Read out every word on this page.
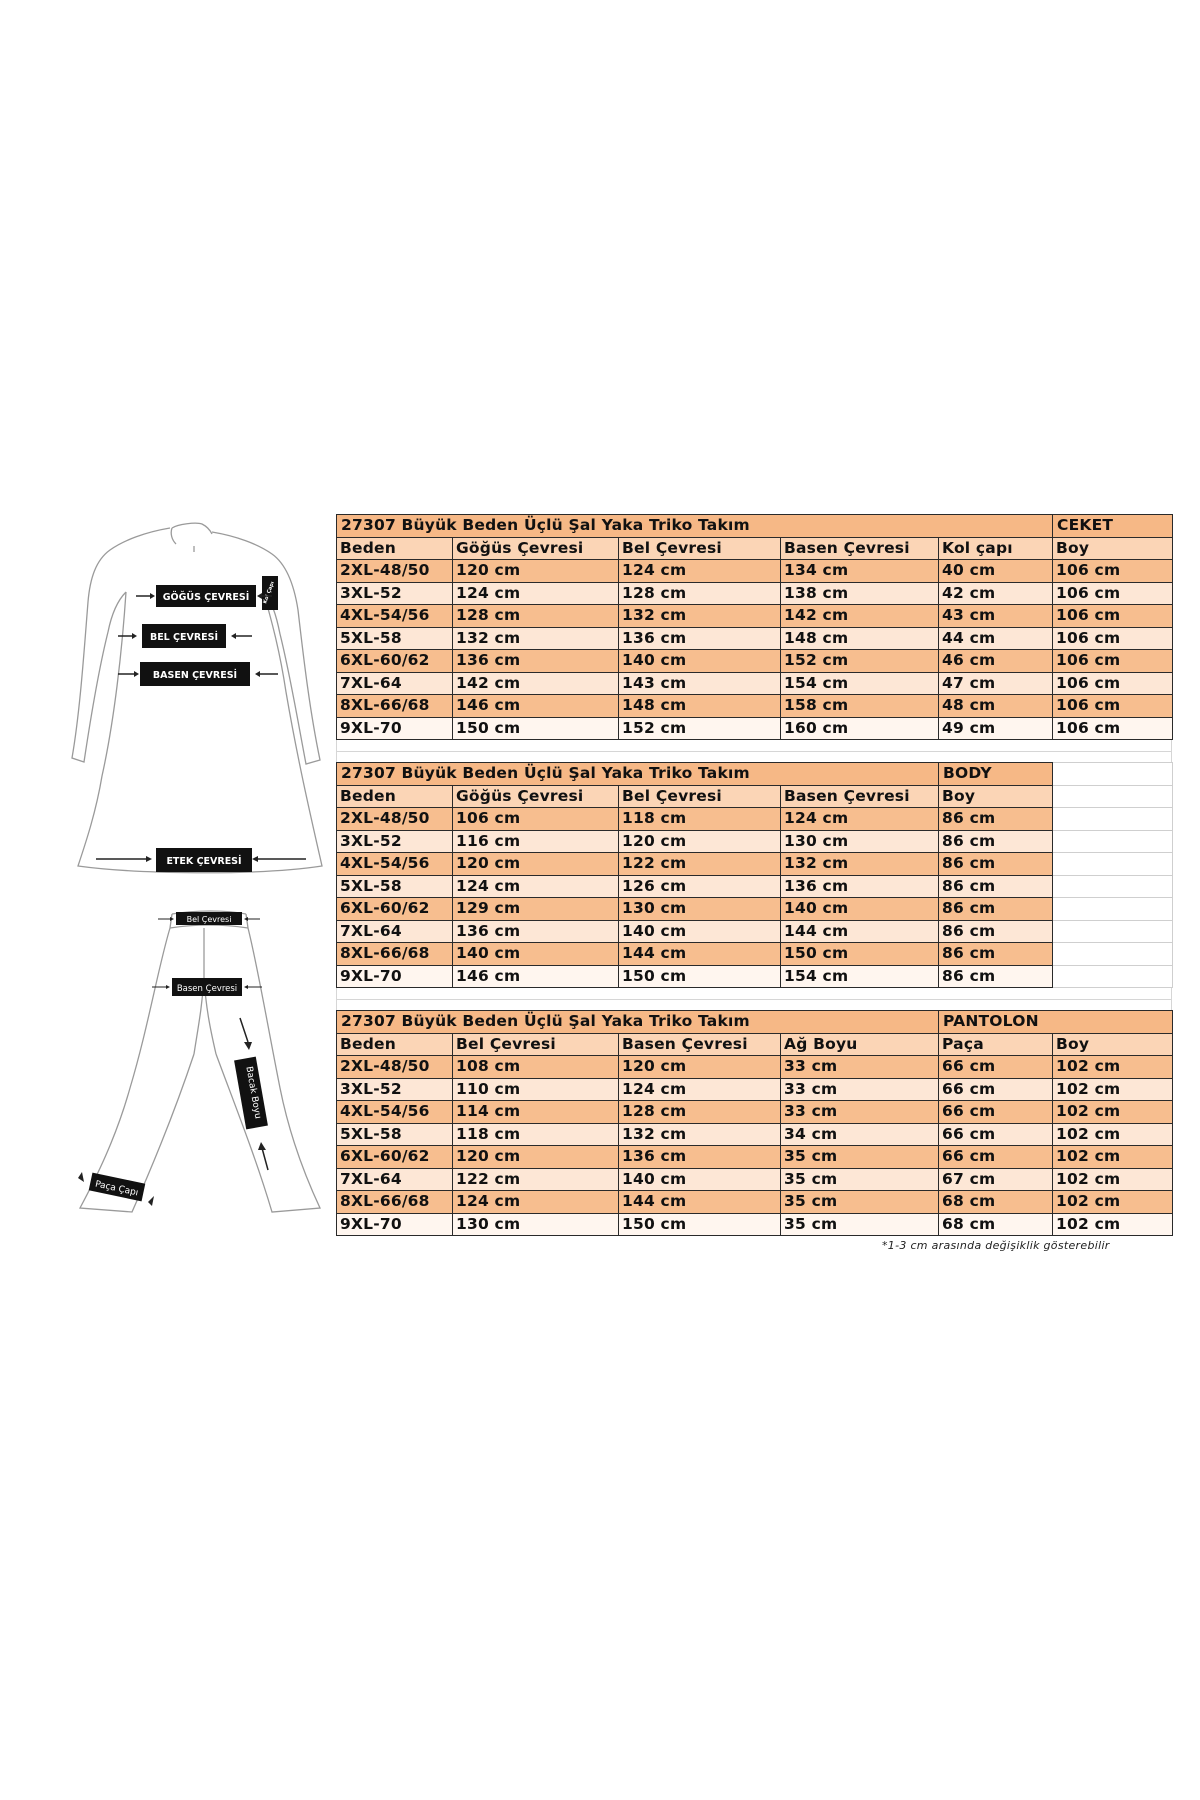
Kol Çapı
GÖĞÜS ÇEVRESİ
BEL ÇEVRESİ
BASEN ÇEVRESİ
ETEK ÇEVRESİ
Bel Çevresi
Basen Çevresi
Bacak Boyu
Paça Çapı
27307 Büyük Beden Üçlü Şal Yaka Triko Takım					CEKET
Beden	Göğüs Çevresi	Bel Çevresi	Basen Çevresi	Kol çapı	Boy
2XL-48/50	120 cm	124 cm	134 cm	40 cm	106 cm
3XL-52	124 cm	128 cm	138 cm	42 cm	106 cm
4XL-54/56	128 cm	132 cm	142 cm	43 cm	106 cm
5XL-58	132 cm	136 cm	148 cm	44 cm	106 cm
6XL-60/62	136 cm	140 cm	152 cm	46 cm	106 cm
7XL-64	142 cm	143 cm	154 cm	47 cm	106 cm
8XL-66/68	146 cm	148 cm	158 cm	48 cm	106 cm
9XL-70	150 cm	152 cm	160 cm	49 cm	106 cm
27307 Büyük Beden Üçlü Şal Yaka Triko Takım				BODY	
Beden	Göğüs Çevresi	Bel Çevresi	Basen Çevresi	Boy	
2XL-48/50	106 cm	118 cm	124 cm	86 cm	
3XL-52	116 cm	120 cm	130 cm	86 cm	
4XL-54/56	120 cm	122 cm	132 cm	86 cm	
5XL-58	124 cm	126 cm	136 cm	86 cm	
6XL-60/62	129 cm	130 cm	140 cm	86 cm	
7XL-64	136 cm	140 cm	144 cm	86 cm	
8XL-66/68	140 cm	144 cm	150 cm	86 cm	
9XL-70	146 cm	150 cm	154 cm	86 cm	
27307 Büyük Beden Üçlü Şal Yaka Triko Takım				PANTOLON	
Beden	Bel Çevresi	Basen Çevresi	Ağ Boyu	Paça	Boy
2XL-48/50	108 cm	120 cm	33 cm	66 cm	102 cm
3XL-52	110 cm	124 cm	33 cm	66 cm	102 cm
4XL-54/56	114 cm	128 cm	33 cm	66 cm	102 cm
5XL-58	118 cm	132 cm	34 cm	66 cm	102 cm
6XL-60/62	120 cm	136 cm	35 cm	66 cm	102 cm
7XL-64	122 cm	140 cm	35 cm	67 cm	102 cm
8XL-66/68	124 cm	144 cm	35 cm	68 cm	102 cm
9XL-70	130 cm	150 cm	35 cm	68 cm	102 cm
*1-3 cm arasında değişiklik gösterebilir
